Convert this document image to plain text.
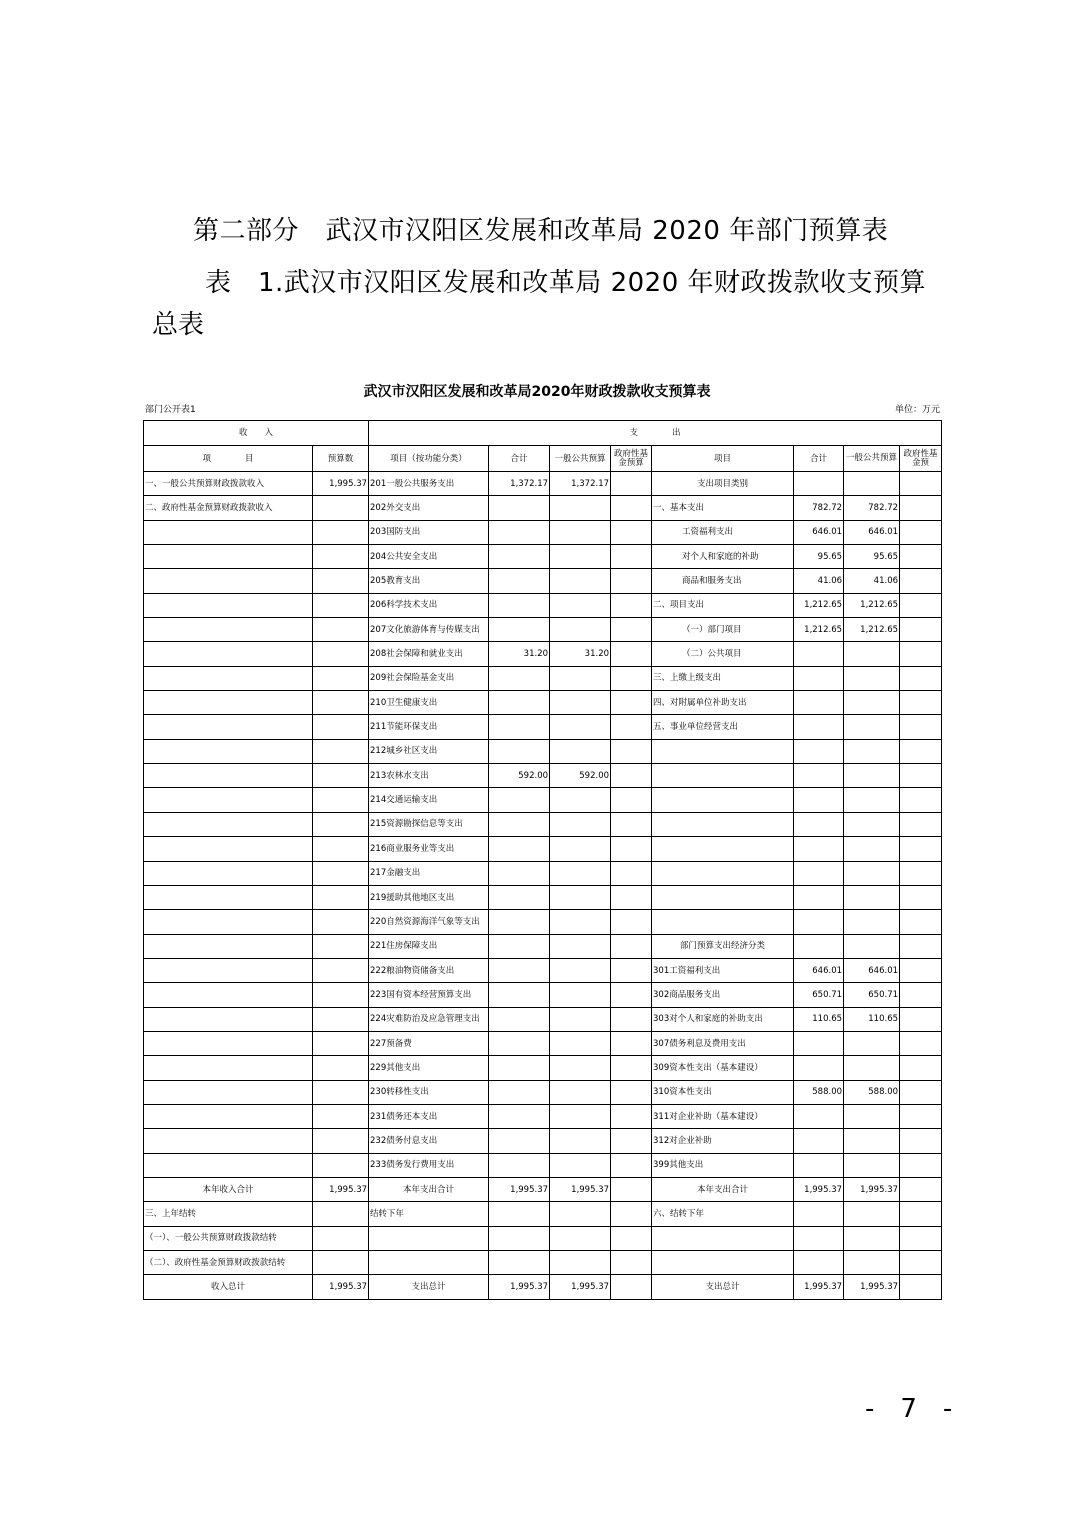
第二部分　武汉市汉阳区发展和改革局 2020 年部门预算表
表　1.武汉市汉阳区发展和改革局 2020 年财政拨款收支预算
总表
武汉市汉阳区发展和改革局2020年财政拨款收支预算表
部门公开表1	单位：万元
收　　入		支　　　　出							
项　　　　目	预算数	项目（按功能分类）	合计	一般公共预算	政府性基金预算	项目	合计	一般公共预算	政府性基金预
一、一般公共预算财政拨款收入	1,995.37	201一般公共服务支出	1,372.17	1,372.17		支出项目类别			
二、政府性基金预算财政拨款收入		202外交支出				一、基本支出	782.72	782.72	
		203国防支出				工资福利支出	646.01	646.01	
		204公共安全支出				对个人和家庭的补助	95.65	95.65	
		205教育支出				商品和服务支出	41.06	41.06	
		206科学技术支出				二、项目支出	1,212.65	1,212.65	
		207文化旅游体育与传媒支出				（一）部门项目	1,212.65	1,212.65	
		208社会保障和就业支出	31.20	31.20		（二）公共项目			
		209社会保险基金支出				三、上缴上级支出			
		210卫生健康支出				四、对附属单位补助支出			
		211节能环保支出				五、事业单位经营支出			
		212城乡社区支出							
		213农林水支出	592.00	592.00					
		214交通运输支出							
		215资源勘探信息等支出							
		216商业服务业等支出							
		217金融支出							
		219援助其他地区支出							
		220自然资源海洋气象等支出							
		221住房保障支出				部门预算支出经济分类			
		222粮油物资储备支出				301工资福利支出	646.01	646.01	
		223国有资本经营预算支出				302商品服务支出	650.71	650.71	
		224灾难防治及应急管理支出				303对个人和家庭的补助支出	110.65	110.65	
		227预备费				307债务利息及费用支出			
		229其他支出				309资本性支出（基本建设）			
		230转移性支出				310资本性支出	588.00	588.00	
		231债务还本支出				311对企业补助（基本建设）			
		232债务付息支出				312对企业补助			
		233债务发行费用支出				399其他支出			
本年收入合计	1,995.37	本年支出合计	1,995.37	1,995.37		本年支出合计	1,995.37	1,995.37	
三、上年结转		结转下年				六、结转下年			
（一）、一般公共预算财政拨款结转									
（二）、政府性基金预算财政拨款结转									
收入总计	1,995.37	支出总计	1,995.37	1,995.37		支出总计	1,995.37	1,995.37	
-　7　-
